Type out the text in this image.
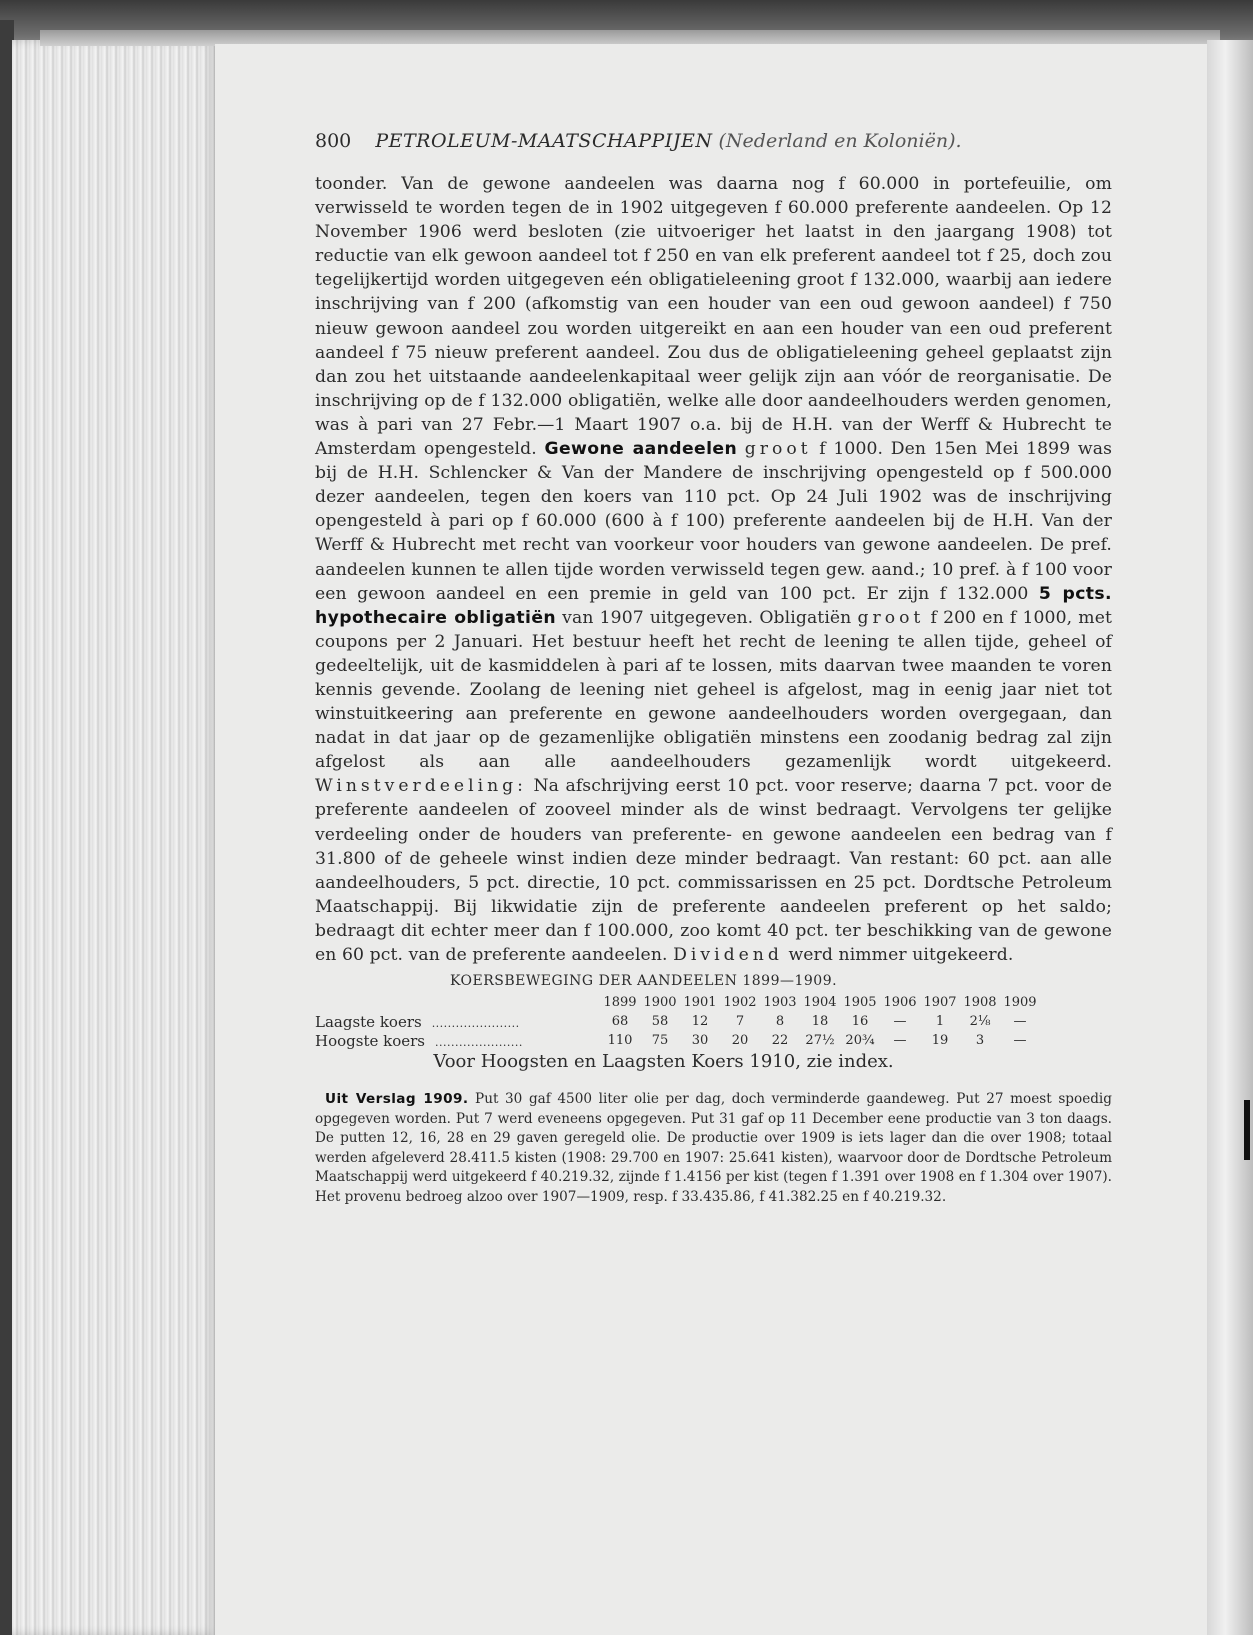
800 PETROLEUM-MAATSCHAPPIJEN (Nederland en Koloniën).

toonder. Van de gewone aandeelen was daarna nog f 60.000 in portefeuilie, om verwisseld te worden tegen de in 1902 uitgegeven f 60.000 preferente aandeelen. Op 12 November 1906 werd besloten (zie uitvoeriger het laatst in den jaargang 1908) tot reductie van elk gewoon aandeel tot f 250 en van elk preferent aandeel tot f 25, doch zou tegelijkertijd worden uitgegeven eén obligatieleening groot f 132.000, waarbij aan iedere inschrijving van f 200 (afkomstig van een houder van een oud gewoon aandeel) f 750 nieuw gewoon aandeel zou worden uitgereikt en aan een houder van een oud preferent aandeel f 75 nieuw preferent aandeel. Zou dus de obligatieleening geheel geplaatst zijn dan zou het uitstaande aandeelenkapitaal weer gelijk zijn aan vóór de reorganisatie. De inschrijving op de f 132.000 obligatiën, welke alle door aandeelhouders werden genomen, was à pari van 27 Febr.—1 Maart 1907 o.a. bij de H.H. van der Werff & Hubrecht te Amsterdam opengesteld. Gewone aandeelen groot f 1000. Den 15en Mei 1899 was bij de H.H. Schlencker & Van der Mandere de inschrijving opengesteld op f 500.000 dezer aandeelen, tegen den koers van 110 pct. Op 24 Juli 1902 was de inschrijving opengesteld à pari op f 60.000 (600 à f 100) preferente aandeelen bij de H.H. Van der Werff & Hubrecht met recht van voorkeur voor houders van gewone aandeelen. De pref. aandeelen kunnen te allen tijde worden verwisseld tegen gew. aand.; 10 pref. à f 100 voor een gewoon aandeel en een premie in geld van 100 pct. Er zijn f 132.000 5 pcts. hypothecaire obligatiën van 1907 uitgegeven. Obligatiën groot f 200 en f 1000, met coupons per 2 Januari. Het bestuur heeft het recht de leening te allen tijde, geheel of gedeeltelijk, uit de kasmiddelen à pari af te lossen, mits daarvan twee maanden te voren kennis gevende. Zoolang de leening niet geheel is afgelost, mag in eenig jaar niet tot winstuitkeering aan preferente en gewone aandeelhouders worden overgegaan, dan nadat in dat jaar op de gezamenlijke obligatiën minstens een zoodanig bedrag zal zijn afgelost als aan alle aandeelhouders gezamenlijk wordt uitgekeerd. Winstverdeeling: Na afschrijving eerst 10 pct. voor reserve; daarna 7 pct. voor de preferente aandeelen of zooveel minder als de winst bedraagt. Vervolgens ter gelijke verdeeling onder de houders van preferente- en gewone aandeelen een bedrag van f 31.800 of de geheele winst indien deze minder bedraagt. Van restant: 60 pct. aan alle aandeelhouders, 5 pct. directie, 10 pct. commissarissen en 25 pct. Dordtsche Petroleum Maatschappij. Bij likwidatie zijn de preferente aandeelen preferent op het saldo; bedraagt dit echter meer dan f 100.000, zoo komt 40 pct. ter beschikking van de gewone en 60 pct. van de preferente aandeelen. Dividend werd nimmer uitgekeerd.

KOERSBEWEGING DER AANDEELEN 1899—1909.
	1899	1900	1901	1902	1903	1904	1905	1906	1907	1908	1909
Laagste koers ......................	68	58	12	7	8	18	16	—	1	2⅛	—
Hoogste koers ......................	110	75	30	20	22	27½	20¾	—	19	3	—
Voor Hoogsten en Laagsten Koers 1910, zie index.

Uit Verslag 1909. Put 30 gaf 4500 liter olie per dag, doch verminderde gaandeweg. Put 27 moest spoedig opgegeven worden. Put 7 werd eveneens opgegeven. Put 31 gaf op 11 December eene productie van 3 ton daags. De putten 12, 16, 28 en 29 gaven geregeld olie. De productie over 1909 is iets lager dan die over 1908; totaal werden afgeleverd 28.411.5 kisten (1908: 29.700 en 1907: 25.641 kisten), waarvoor door de Dordtsche Petroleum Maatschappij werd uitgekeerd f 40.219.32, zijnde f 1.4156 per kist (tegen f 1.391 over 1908 en f 1.304 over 1907). Het provenu bedroeg alzoo over 1907—1909, resp. f 33.435.86, f 41.382.25 en f 40.219.32.
